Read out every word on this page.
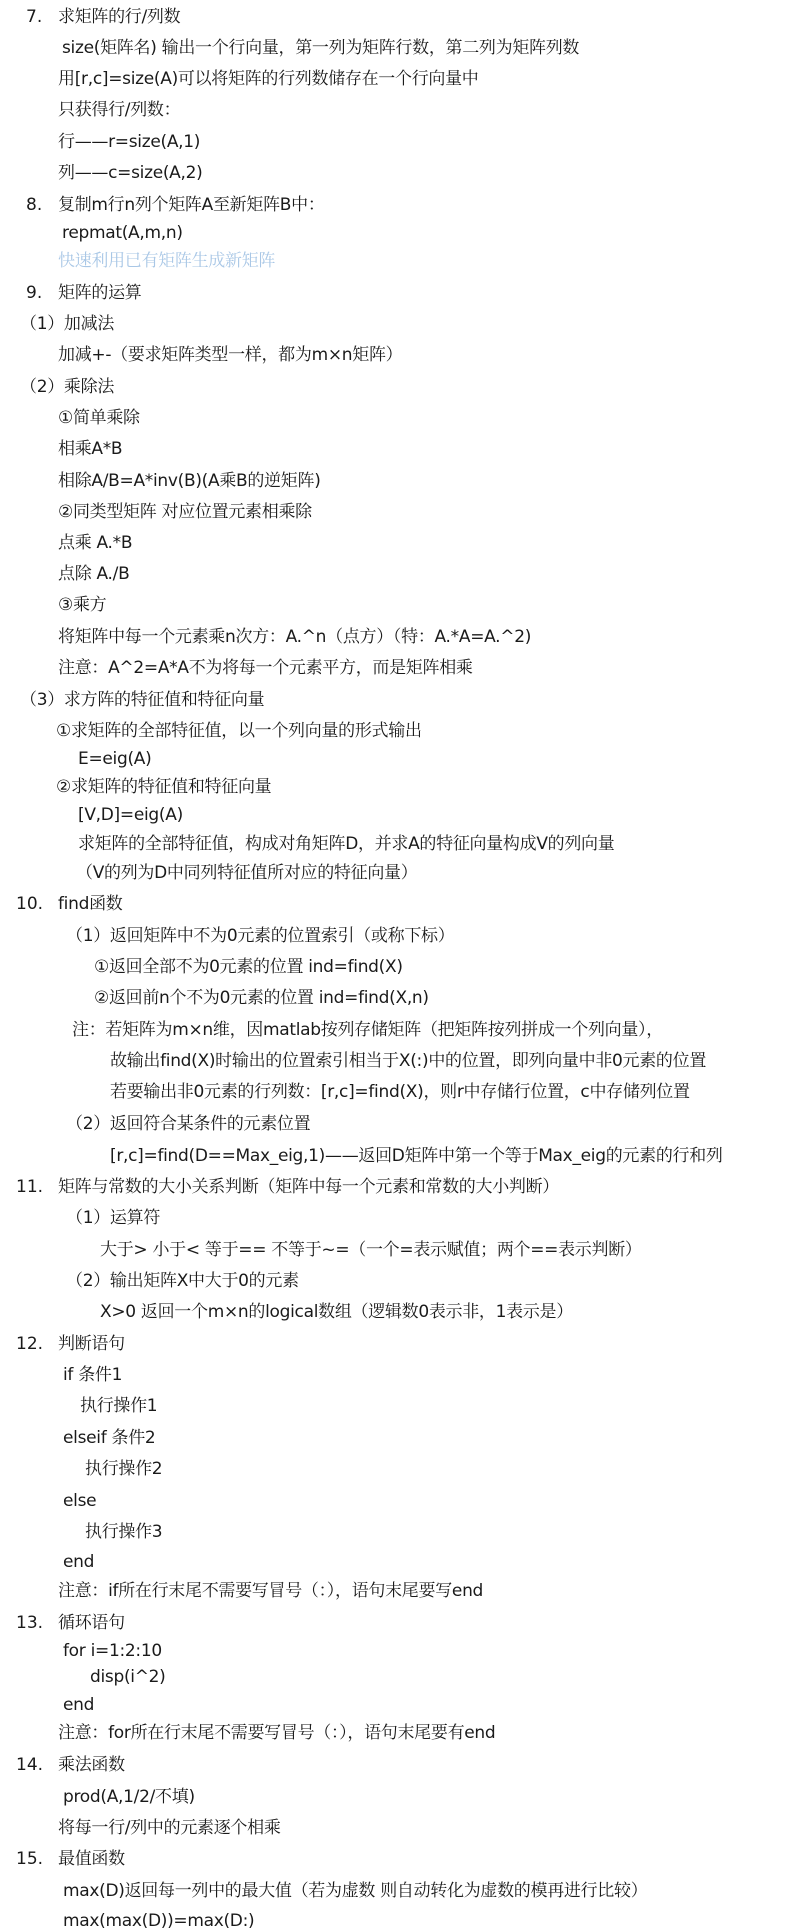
7. 求矩阵的行/列数
size(矩阵名) 输出一个行向量，第一列为矩阵行数，第二列为矩阵列数
用[r,c]=size(A)可以将矩阵的行列数储存在一个行向量中
只获得行/列数：
行——r=size(A,1)
列——c=size(A,2)
8. 复制m行n列个矩阵A至新矩阵B中：
repmat(A,m,n)
快速利用已有矩阵生成新矩阵
9. 矩阵的运算
（1）加减法
加减+-（要求矩阵类型一样，都为m×n矩阵）
（2）乘除法
①简单乘除
相乘A*B
相除A/B=A*inv(B)(A乘B的逆矩阵)
②同类型矩阵 对应位置元素相乘除
点乘 A.*B
点除 A./B
③乘方
将矩阵中每一个元素乘n次方：A.^n（点方）（特：A.*A=A.^2)
注意：A^2=A*A不为将每一个元素平方，而是矩阵相乘
（3）求方阵的特征值和特征向量
①求矩阵的全部特征值，以一个列向量的形式输出
E=eig(A)
②求矩阵的特征值和特征向量
[V,D]=eig(A)
求矩阵的全部特征值，构成对角矩阵D，并求A的特征向量构成V的列向量
（V的列为D中同列特征值所对应的特征向量）
10. find函数
（1）返回矩阵中不为0元素的位置索引（或称下标）
①返回全部不为0元素的位置 ind=find(X)
②返回前n个不为0元素的位置 ind=find(X,n)
注：若矩阵为m×n维，因matlab按列存储矩阵（把矩阵按列拼成一个列向量），
故输出find(X)时输出的位置索引相当于X(:)中的位置，即列向量中非0元素的位置
若要输出非0元素的行列数：[r,c]=find(X)，则r中存储行位置，c中存储列位置
（2）返回符合某条件的元素位置
[r,c]=find(D==Max_eig,1)——返回D矩阵中第一个等于Max_eig的元素的行和列
11. 矩阵与常数的大小关系判断（矩阵中每一个元素和常数的大小判断）
（1）运算符
大于> 小于< 等于== 不等于~=（一个=表示赋值；两个==表示判断）
（2）输出矩阵X中大于0的元素
X>0 返回一个m×n的logical数组（逻辑数0表示非，1表示是）
12. 判断语句
if 条件1
执行操作1
elseif 条件2
执行操作2
else
执行操作3
end
注意：if所在行末尾不需要写冒号（：），语句末尾要写end
13. 循环语句
for i=1:2:10
disp(i^2)
end
注意：for所在行末尾不需要写冒号（：），语句末尾要有end
14. 乘法函数
prod(A,1/2/不填)
将每一行/列中的元素逐个相乘
15. 最值函数
max(D)返回每一列中的最大值（若为虚数 则自动转化为虚数的模再进行比较）
max(max(D))=max(D:)
